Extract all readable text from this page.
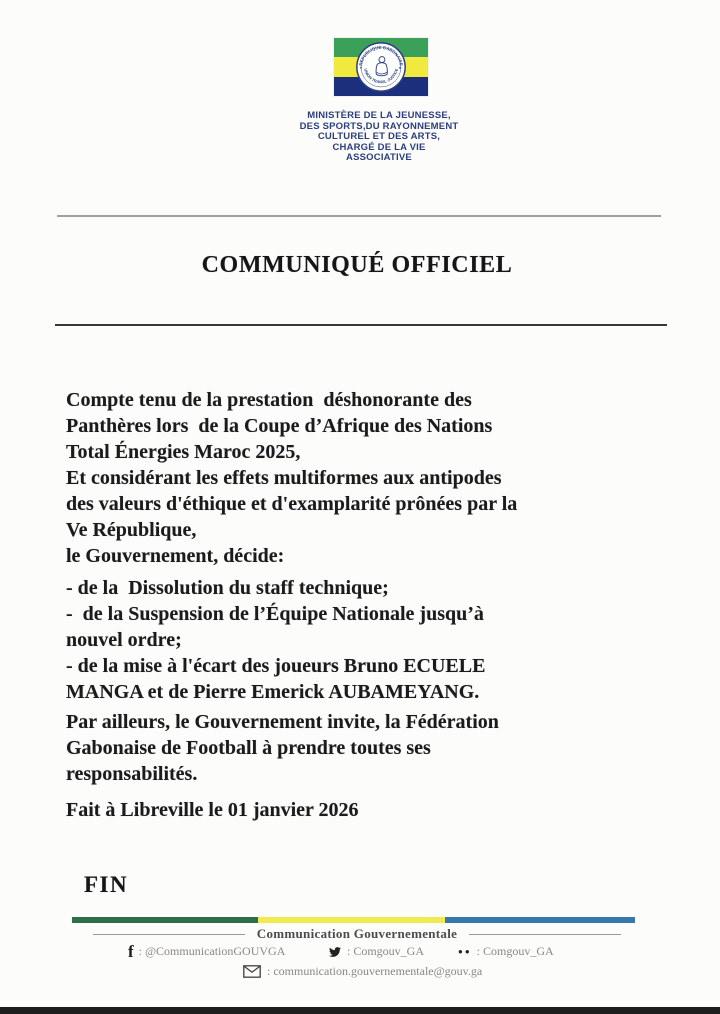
REPUBLIQUE GABONAISE
UNION·TRAVAIL·JUSTICE
✦	✦
MINISTÈRE DE LA JEUNESSE,
DES SPORTS,DU RAYONNEMENT
CULTUREL ET DES ARTS,
CHARGÉ DE LA VIE
ASSOCIATIVE
COMMUNIQUÉ OFFICIEL
Compte tenu de la prestation  déshonorante des
Panthères lors  de la Coupe d’Afrique des Nations
Total Énergies Maroc 2025,
Et considérant les effets multiformes aux antipodes
des valeurs d'éthique et d'examplarité prônées par la
Ve République,
le Gouvernement, décide:
- de la  Dissolution du staff technique;
-  de la Suspension de l’Équipe Nationale jusqu’à
nouvel ordre;
- de la mise à l'écart des joueurs Bruno ECUELE
MANGA et de Pierre Emerick AUBAMEYANG.
Par ailleurs, le Gouvernement invite, la Fédération
Gabonaise de Football à prendre toutes ses
responsabilités.
Fait à Libreville le 01 janvier 2026
FIN
Communication Gouvernementale
f : @CommunicationGOUVGA	: Comgouv_GA	●● : Comgouv_GA
: communication.gouvernementale@gouv.ga
